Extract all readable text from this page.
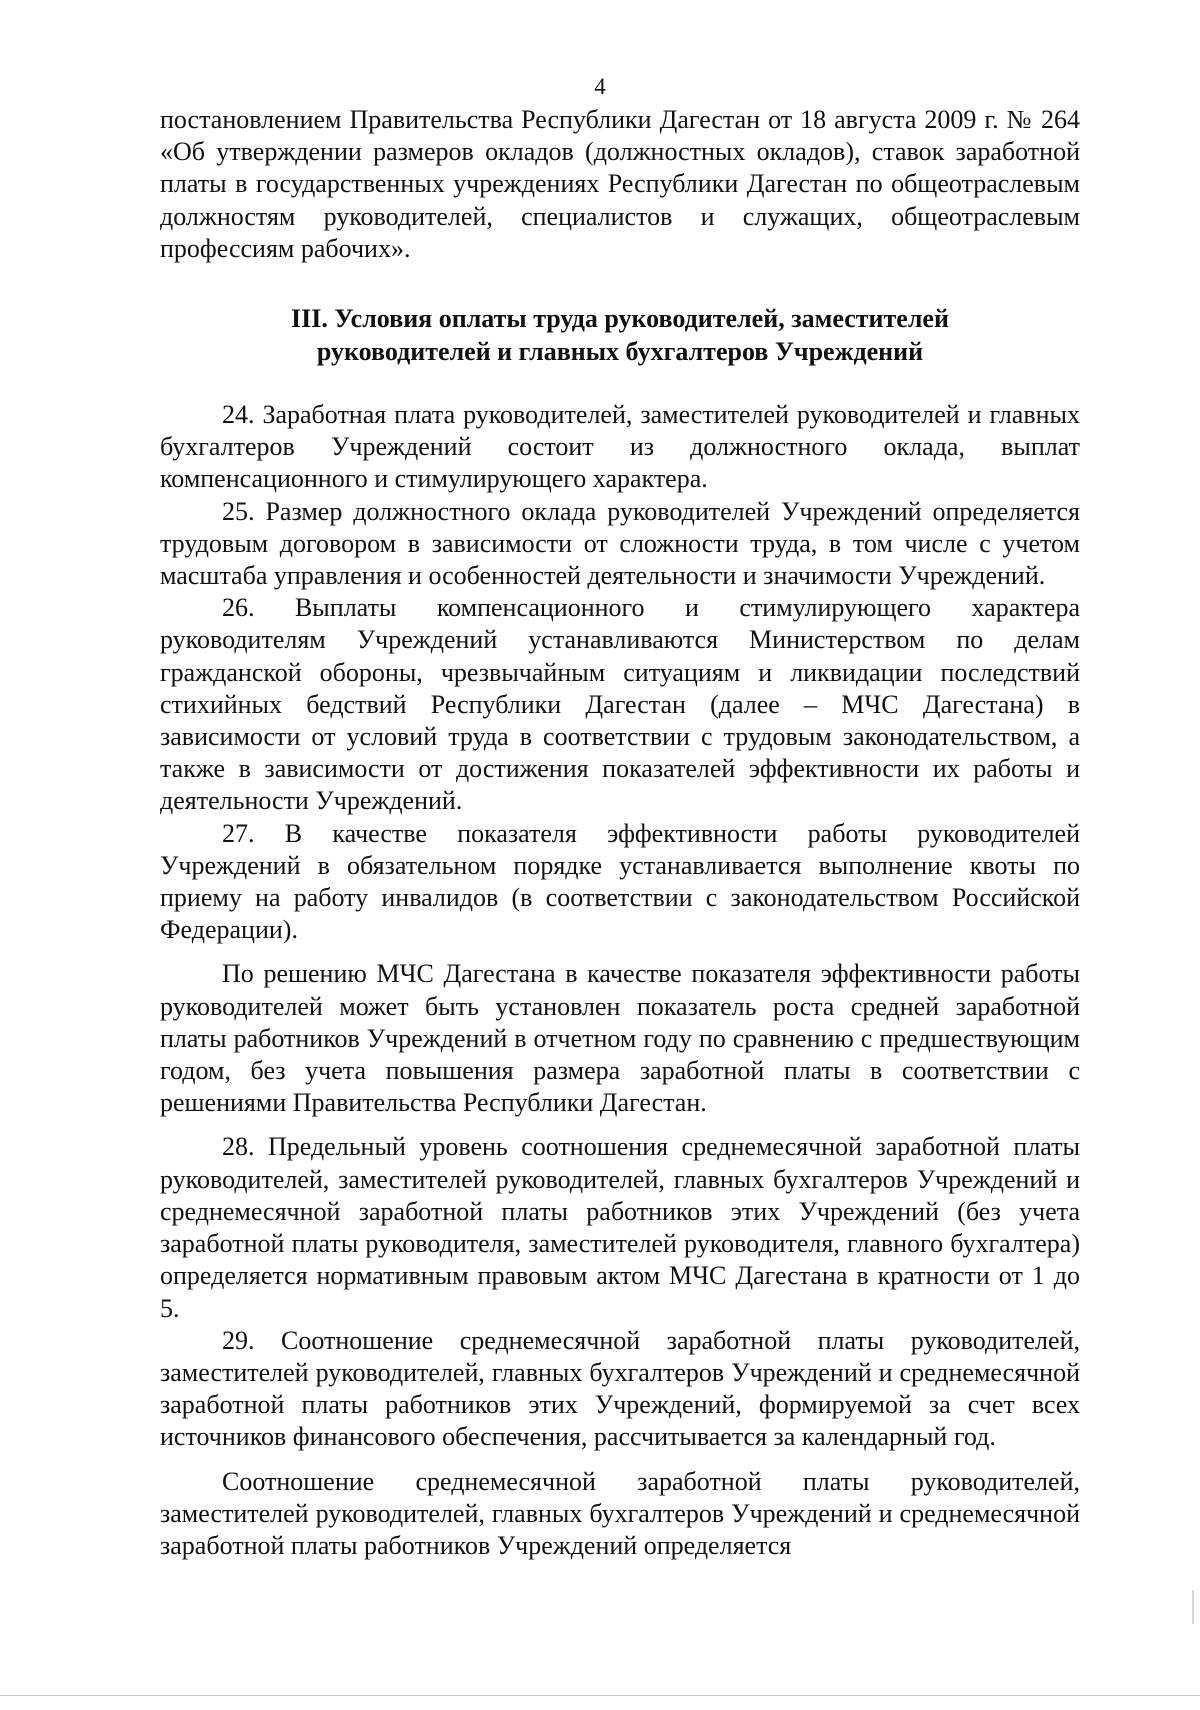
4

постановлением Правительства Республики Дагестан от 18 августа 2009 г. № 264 «Об утверждении размеров окладов (должностных окладов), ставок заработной платы в государственных учреждениях Республики Дагестан по общеотраслевым должностям руководителей, специалистов и служащих, общеотраслевым профессиям рабочих».

III. Условия оплаты труда руководителей, заместителей
руководителей и главных бухгалтеров Учреждений

24. Заработная плата руководителей, заместителей руководителей и главных бухгалтеров Учреждений состоит из должностного оклада, выплат компенсационного и стимулирующего характера.

25. Размер должностного оклада руководителей Учреждений определяется трудовым договором в зависимости от сложности труда, в том числе с учетом масштаба управления и особенностей деятельности и значимости Учреждений.

26. Выплаты компенсационного и стимулирующего характера руководителям Учреждений устанавливаются Министерством по делам гражданской обороны, чрезвычайным ситуациям и ликвидации последствий стихийных бедствий Республики Дагестан (далее – МЧС Дагестана) в зависимости от условий труда в соответствии с трудовым законодательством, а также в зависимости от достижения показателей эффективности их работы и деятельности Учреждений.

27. В качестве показателя эффективности работы руководителей Учреждений в обязательном порядке устанавливается выполнение квоты по приему на работу инвалидов (в соответствии с законодательством Российской Федерации).

По решению МЧС Дагестана в качестве показателя эффективности работы руководителей может быть установлен показатель роста средней заработной платы работников Учреждений в отчетном году по сравнению с предшествующим годом, без учета повышения размера заработной платы в соответствии с решениями Правительства Республики Дагестан.

28. Предельный уровень соотношения среднемесячной заработной платы руководителей, заместителей руководителей, главных бухгалтеров Учреждений и среднемесячной заработной платы работников этих Учреждений (без учета заработной платы руководителя, заместителей руководителя, главного бухгалтера) определяется нормативным правовым актом МЧС Дагестана в кратности от 1 до 5.

29. Соотношение среднемесячной заработной платы руководителей, заместителей руководителей, главных бухгалтеров Учреждений и среднемесячной заработной платы работников этих Учреждений, формируемой за счет всех источников финансового обеспечения, рассчитывается за календарный год.

Соотношение среднемесячной заработной платы руководителей, заместителей руководителей, главных бухгалтеров Учреждений и среднемесячной заработной платы работников Учреждений определяется
